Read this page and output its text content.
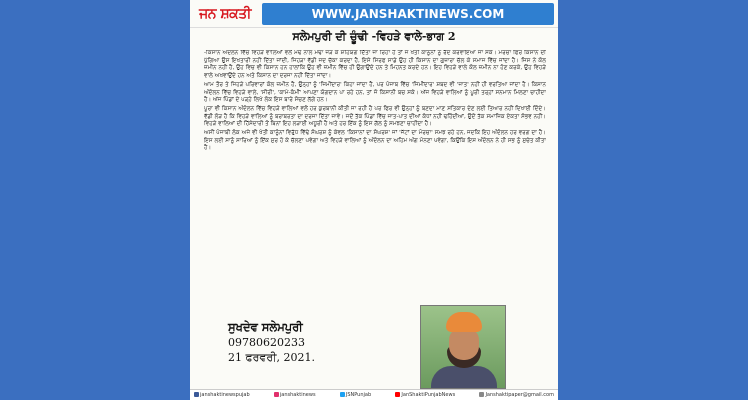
ਜਨ ਸ਼ਕਤੀ	WWW.JANSHAKTINEWS.COM
ਸਲੇਮਪੁਰੀ ਦੀ ਚੂੰਢੀ -ਵਿਹੜੇ ਵਾਲੇ-ਭਾਗ 2

-ਕਿਸਾਨ ਅੰਦੋਲਨ ਵਿੱਚ ਵਿਹੜੇ ਵਾਲਿਆਂ ਵਲੋਂ ਮੋਢੇ ਨਾਲ ਮੋਢਾ ਜੋੜ ਕੇ ਸ਼ਹਿਯੋਗ ਦਿੱਤਾ ਜਾ ਰਿਹਾ ਹੈ ਤਾਂ ਜੋ ਖੇਤੀ ਕਾਨੂੰਨਾਂ ਨੂੰ ਰੱਦ ਕਰਵਾਇਆ ਜਾ ਸਕੇ। ਮੋਰਚਾ ਫਿਰ ਕਿਸਾਨ ਦੀ ਪੁੱਗਿਆ ਉਸ ਇਖਤਾਰੀ ਨਹੀਂ ਦਿੱਤਾ ਜਾਂਦੀ, ਜਿਹੜਾ ਵੱਡੀ ਜਦ ਚੱਕਾ ਕਰਦਾ ਹੈ, ਇਸੇ ਸਿਰਫ ਸਾਡੇ ਉਹ ਹੀ ਕਿਸਾਨ ਦਾ ਗੁਜ਼ਾਰਾ ਚੱਲ ਕੇ ਸਮਾਜ ਵਿੱਚ ਜਾਂਦਾ ਹੈ। ਜਿਸ ਨੇ ਕੋਲ ਜ਼ਮੀਨ ਨਹੀਂ ਹੈ, ਉਹ ਵਿਚ ਵੀ ਕਿਸਾਨ ਹਨ ਹਾਲਾਂਕਿ ਉਹ ਵੀ ਜ਼ਮੀਨ ਵਿੱਚ ਹੀ ਉਗਾਉਂਦੇ ਹਨ ਤੇ ਮਿਹਨਤ ਕਰਦੇ ਹਨ। ਇਹ ਵਿਹੜੇ ਵਾਲੇ ਕੋਲ ਜ਼ਮੀਨ ਨਾ ਹੋਣ ਕਰਕੇ, ਉਹ ਵਿਹੜੇ ਵਾਲੇ ਅਖਵਾਉਂਦੇ ਹਨ ਅਤੇ ਕਿਸਾਨ ਦਾ ਦਰਜਾ ਨਹੀਂ ਦਿੱਤਾ ਜਾਂਦਾ।

ਆਮ ਤੌਰ ਤੇ ਜਿਹੜੇ ਪਰਿਵਾਰਾਂ ਕੋਲ ਜ਼ਮੀਨ ਹੈ, ਉਨ੍ਹਾਂ ਨੂੰ 'ਜਿਮੀਂਦਾਰ' ਕਿਹਾ ਜਾਂਦਾ ਹੈ, ਪਰ ਪੰਜਾਬ ਵਿੱਚ 'ਜਿਮੀਂਦਾਰ' ਸ਼ਬਦ ਵੀ 'ਜਾਤ' ਨਹੀਂ ਹੀ ਵਰਤਿਆ ਜਾਂਦਾ ਹੈ। ਕਿਸਾਨ ਅੰਦੋਲਨ ਵਿੱਚ ਵਿਹੜੇ ਵਾਲੇ, 'ਸੀਰੀ', 'ਕਾਮੇ-ਕੰਮੀਂ' ਆਪਣਾ ਯੋਗਦਾਨ ਪਾ ਰਹੇ ਹਨ, ਤਾਂ ਜੋ ਕਿਸਾਨੀ ਬਚ ਸਕੇ। ਅੱਜ ਵਿਹੜੇ ਵਾਲਿਆਂ ਨੂੰ ਪੂਰੀ ਤਰ੍ਹਾਂ ਸਨਮਾਨ ਮਿਲਣਾ ਚਾਹੀਦਾ ਹੈ। ਅੱਜ ਪਿੰਡਾਂ ਦੇ ਪੜ੍ਹੇ ਲਿਖੇ ਲੋਕ ਇਸ ਬਾਰੇ ਸੋਚਣ ਲੱਗੇ ਹਨ।

ਪੂਰਾ ਵੀ ਕਿਸਾਨ ਅੰਦੋਲਨ ਵਿੱਚ ਵਿਹੜੇ ਵਾਲਿਆਂ ਵਲੋਂ ਹਰ ਕੁਰਬਾਨੀ ਕੀਤੀ ਜਾ ਰਹੀ ਹੈ ਪਰ ਫਿਰ ਵੀ ਉਨ੍ਹਾਂ ਨੂੰ ਬਣਦਾ ਮਾਣ ਸਤਿਕਾਰ ਦੇਣ ਲਈ ਤਿਆਰ ਨਹੀਂ ਦਿਖਾਈ ਦਿੰਦੇ। ਵੱਡੀ ਲੋੜ ਹੈ ਕਿ ਵਿਹੜੇ ਵਾਲਿਆਂ ਨੂੰ ਬਰਾਬਰਤਾ ਦਾ ਦਰਜਾ ਦਿੱਤਾ ਜਾਵੇ। ਜਦੋਂ ਤੱਕ ਪਿੰਡਾਂ ਵਿੱਚ ਜਾਤ-ਪਾਤ ਦੀਆਂ ਕੰਧਾਂ ਨਹੀਂ ਢਹਿੰਦੀਆਂ, ਉਦੋਂ ਤੱਕ ਸਮਾਜਿਕ ਏਕਤਾ ਸੰਭਵ ਨਹੀਂ। ਵਿਹੜੇ ਵਾਲਿਆਂ ਦੀ ਹਿੱਸੇਦਾਰੀ ਤੋਂ ਬਿਨਾਂ ਇਹ ਲੜਾਈ ਅਧੂਰੀ ਹੈ ਅਤੇ ਹਰ ਇੱਕ ਨੂੰ ਇਸ ਗੱਲ ਨੂੰ ਸਮਝਣਾ ਚਾਹੀਦਾ ਹੈ।

ਅਸੀਂ ਪੰਜਾਬੀ ਲੋਕ ਅਜੇ ਵੀ ਖੇਤੀ ਕਾਨੂੰਨਾਂ ਵਿਰੁੱਧ ਵਿੱਢੇ ਸੰਘਰਸ਼ ਨੂੰ ਕੇਵਲ 'ਕਿਸਾਨਾਂ ਦਾ ਸੰਘਰਸ਼' ਜਾਂ 'ਜੱਟਾਂ ਦਾ ਮੋਰਚਾ' ਸਮਝ ਰਹੇ ਹਨ, ਜਦਕਿ ਇਹ ਅੰਦੋਲਨ ਹਰ ਵਰਗ ਦਾ ਹੈ। ਇਸ ਲਈ ਸਾਨੂੰ ਸਾਰਿਆਂ ਨੂੰ ਇੱਕ ਸੁਰ ਹੋ ਕੇ ਚੱਲਣਾ ਪਵੇਗਾ ਅਤੇ ਵਿਹੜੇ ਵਾਲਿਆਂ ਨੂੰ ਅੰਦੋਲਨ ਦਾ ਅਹਿਮ ਅੰਗ ਮੰਨਣਾ ਪਵੇਗਾ, ਕਿਉਂਕਿ ਇਸ ਅੰਦੋਲਨ ਨੇ ਹੀ ਸਭ ਨੂੰ ਸੁਚੇਤ ਕੀਤਾ ਹੈ।

ਸੁਖਦੇਵ ਸਲੇਮਪੁਰੀ
09780620233
21 ਫਰਵਰੀ, 2021.
janshaktinewspujab	janshaktinews	JSNPunjab	JanShaktiPunjabNews	Janshaktipaper@gmail.com
